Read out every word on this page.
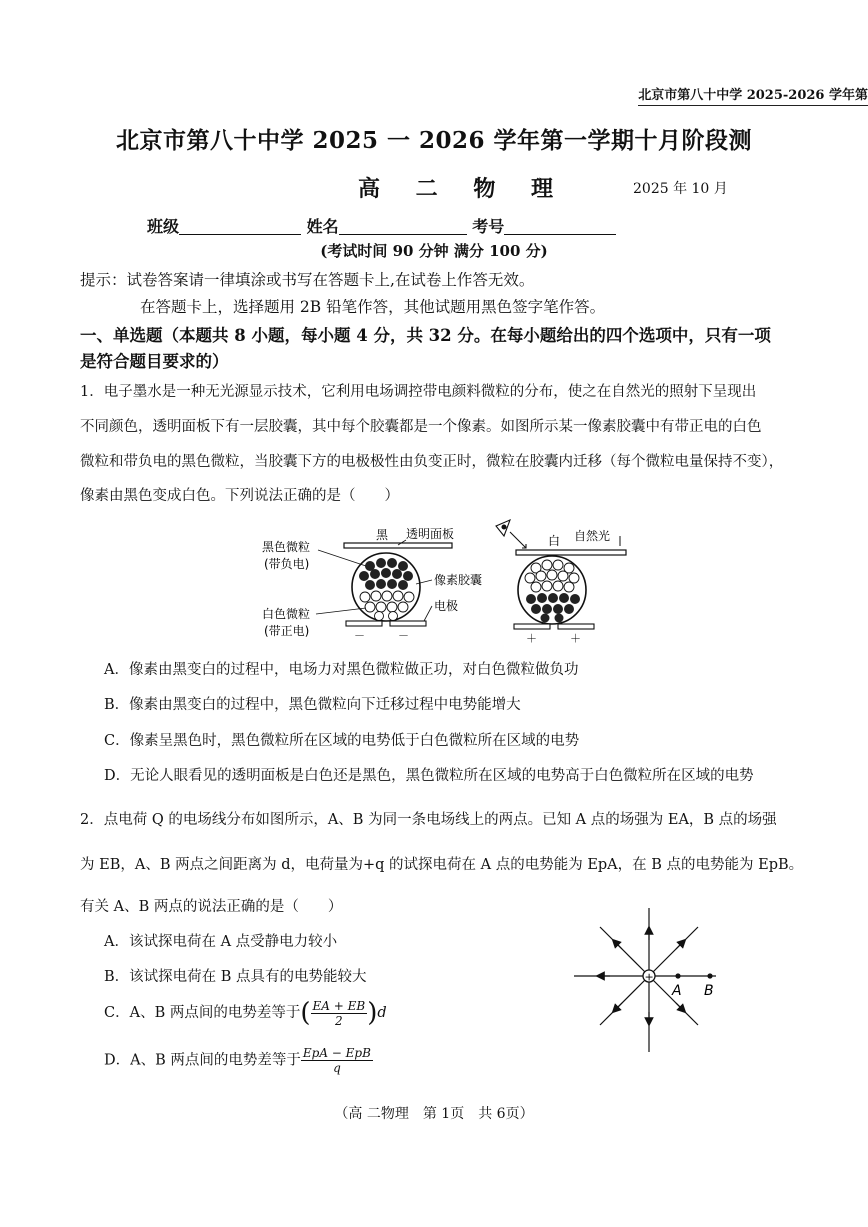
北京市第八十中学 2025-2026 学年第
北京市第八十中学 2025 一 2026 学年第一学期十月阶段测
高 二 物 理	2025 年 10 月
班级	姓名	考号
(考试时间 90 分钟 满分 100 分)
提示：试卷答案请一律填涂或书写在答题卡上,在试卷上作答无效。
在答题卡上，选择题用 2B 铅笔作答，其他试题用黑色签字笔作答。
一、单选题（本题共 8 小题，每小题 4 分，共 32 分。在每小题给出的四个选项中，只有一项
是符合题目要求的）
1．电子墨水是一种无光源显示技术，它利用电场调控带电颜料微粒的分布，使之在自然光的照射下呈现出
不同颜色，透明面板下有一层胶囊，其中每个胶囊都是一个像素。如图所示某一像素胶囊中有带正电的白色
微粒和带负电的黑色微粒，当胶囊下方的电极极性由负变正时，微粒在胶囊内迁移（每个微粒电量保持不变），
像素由黑色变成白色。下列说法正确的是（　　）
－	－
黑 透明面板
黑色微粒
(带负电)
白色微粒
(带正电)
像素胶囊
电极
＋	＋
白 自然光
A．像素由黑变白的过程中，电场力对黑色微粒做正功，对白色微粒做负功
B．像素由黑变白的过程中，黑色微粒向下迁移过程中电势能增大
C．像素呈黑色时，黑色微粒所在区域的电势低于白色微粒所在区域的电势
D．无论人眼看见的透明面板是白色还是黑色，黑色微粒所在区域的电势高于白色微粒所在区域的电势
2．点电荷 Q 的电场线分布如图所示，A、B 为同一条电场线上的两点。已知 A 点的场强为 EA，B 点的场强
为 EB，A、B 两点之间距离为 d，电荷量为+q 的试探电荷在 A 点的电势能为 EpA，在 B 点的电势能为 EpB。
有关 A、B 两点的说法正确的是（　　）
A．该试探电荷在 A 点受静电力较小
B．该试探电荷在 B 点具有的电势能较大
C．A、B 两点间的电势差等于( $\frac{EA + EB}{2} )d$
D．A、B 两点间的电势差等于 $\frac{\text{EpA − EpB}}{q}$
+
A B
（高 二物理　第 1页　共 6页）
